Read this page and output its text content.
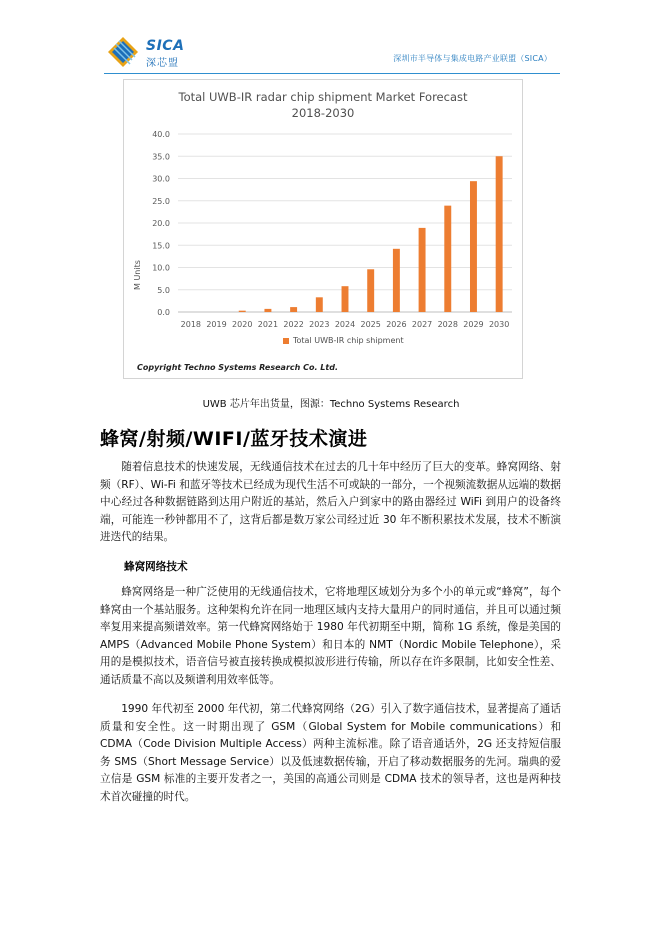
SICA
深芯盟	深圳市半导体与集成电路产业联盟（SICA）
Total UWB-IR radar chip shipment Market Forecast
2018-2030
M Units
0.0
5.0
10.0
15.0
20.0
25.0
30.0
35.0
40.0
2018 2019 2020 2021 2022 2023 2024 2025 2026 2027 2028 2029 2030
Total UWB-IR chip shipment
Copyright Techno Systems Research Co. Ltd.
UWB 芯片年出货量，图源：Techno Systems Research
蜂窝/射频/WIFI/蓝牙技术演进

随着信息技术的快速发展，无线通信技术在过去的几十年中经历了巨大的变革。蜂窝网络、射频（RF）、Wi-Fi 和蓝牙等技术已经成为现代生活不可或缺的一部分，一个视频流数据从远端的数据中心经过各种数据链路到达用户附近的基站，然后入户到家中的路由器经过 WiFi 到用户的设备终端，可能连一秒钟都用不了，这背后都是数万家公司经过近 30 年不断积累技术发展，技术不断演进迭代的结果。

蜂窝网络技术

蜂窝网络是一种广泛使用的无线通信技术，它将地理区域划分为多个小的单元或“蜂窝”，每个蜂窝由一个基站服务。这种架构允许在同一地理区域内支持大量用户的同时通信，并且可以通过频率复用来提高频谱效率。第一代蜂窝网络始于 1980 年代初期至中期，简称 1G 系统，像是美国的 AMPS（Advanced Mobile Phone System）和日本的 NMT（Nordic Mobile Telephone），采用的是模拟技术，语音信号被直接转换成模拟波形进行传输，所以存在许多限制，比如安全性差、通话质量不高以及频谱利用效率低等。

1990 年代初至 2000 年代初，第二代蜂窝网络（2G）引入了数字通信技术，显著提高了通话质量和安全性。这一时期出现了 GSM（Global System for Mobile communications）和 CDMA（Code Division Multiple Access）两种主流标准。除了语音通话外，2G 还支持短信服务 SMS（Short Message Service）以及低速数据传输，开启了移动数据服务的先河。瑞典的爱立信是 GSM 标准的主要开发者之一，美国的高通公司则是 CDMA 技术的领导者，这也是两种技术首次碰撞的时代。
